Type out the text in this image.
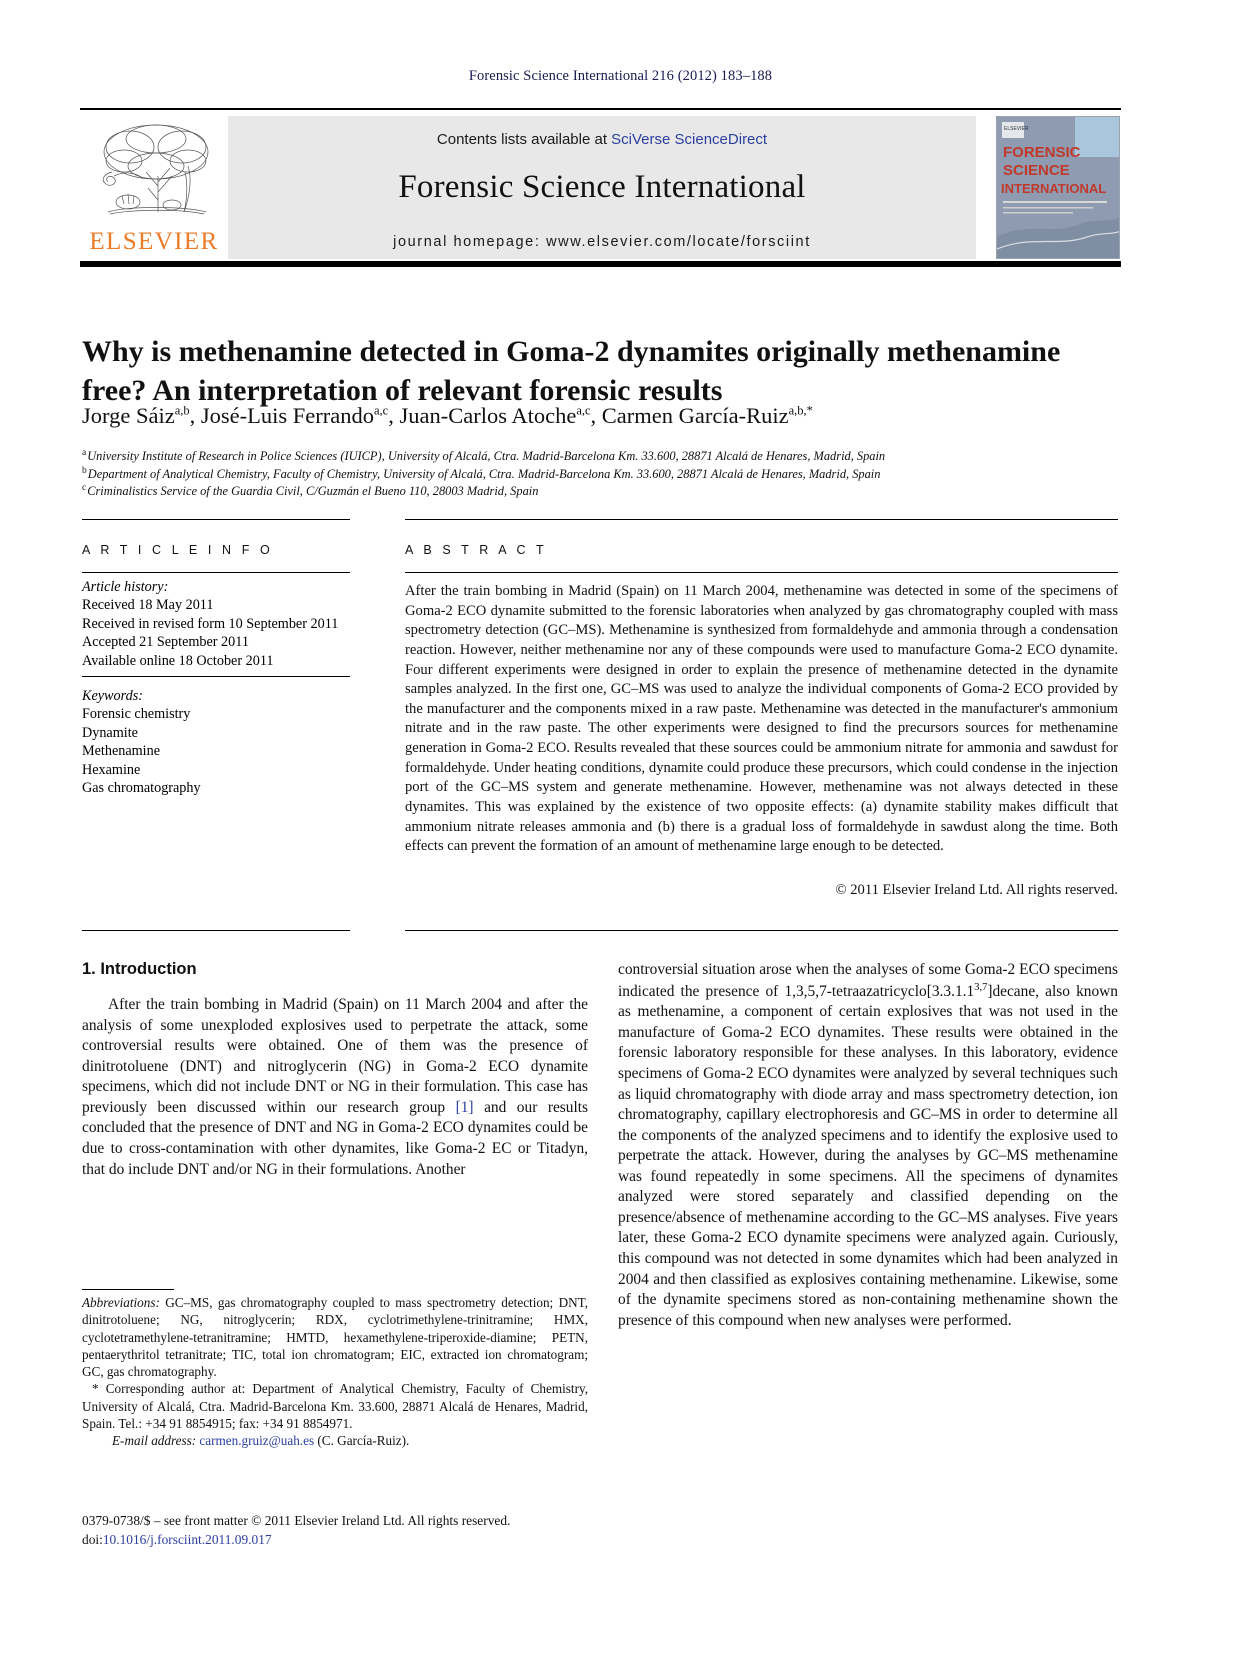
Forensic Science International 216 (2012) 183–188
ELSEVIER
Contents lists available at SciVerse ScienceDirect
Forensic Science International
journal homepage: www.elsevier.com/locate/forsciint
ELSEVIER
FORENSIC
SCIENCE
INTERNATIONAL
Why is methenamine detected in Goma-2 dynamites originally methenamine free? An interpretation of relevant forensic results
Jorge Sáiz$^{a,b}$, José-Luis Ferrando$^{a,c}$, Juan-Carlos Atoche$^{a,c}$, Carmen García-Ruiz$^{a,b,*}$
$^a$University Institute of Research in Police Sciences (IUICP), University of Alcalá, Ctra. Madrid-Barcelona Km. 33.600, 28871 Alcalá de Henares, Madrid, Spain
$^b$Department of Analytical Chemistry, Faculty of Chemistry, University of Alcalá, Ctra. Madrid-Barcelona Km. 33.600, 28871 Alcalá de Henares, Madrid, Spain
$^c$Criminalistics Service of the Guardia Civil, C/Guzmán el Bueno 110, 28003 Madrid, Spain
A R T I C L E I N F O
Article history:
Received 18 May 2011
Received in revised form 10 September 2011
Accepted 21 September 2011
Available online 18 October 2011
Keywords:
Forensic chemistry
Dynamite
Methenamine
Hexamine
Gas chromatography
A B S T R A C T
After the train bombing in Madrid (Spain) on 11 March 2004, methenamine was detected in some of the specimens of Goma-2 ECO dynamite submitted to the forensic laboratories when analyzed by gas chromatography coupled with mass spectrometry detection (GC–MS). Methenamine is synthesized from formaldehyde and ammonia through a condensation reaction. However, neither methenamine nor any of these compounds were used to manufacture Goma-2 ECO dynamite. Four different experiments were designed in order to explain the presence of methenamine detected in the dynamite samples analyzed. In the first one, GC–MS was used to analyze the individual components of Goma-2 ECO provided by the manufacturer and the components mixed in a raw paste. Methenamine was detected in the manufacturer's ammonium nitrate and in the raw paste. The other experiments were designed to find the precursors sources for methenamine generation in Goma-2 ECO. Results revealed that these sources could be ammonium nitrate for ammonia and sawdust for formaldehyde. Under heating conditions, dynamite could produce these precursors, which could condense in the injection port of the GC–MS system and generate methenamine. However, methenamine was not always detected in these dynamites. This was explained by the existence of two opposite effects: (a) dynamite stability makes difficult that ammonium nitrate releases ammonia and (b) there is a gradual loss of formaldehyde in sawdust along the time. Both effects can prevent the formation of an amount of methenamine large enough to be detected.
© 2011 Elsevier Ireland Ltd. All rights reserved.
1. Introduction

After the train bombing in Madrid (Spain) on 11 March 2004 and after the analysis of some unexploded explosives used to perpetrate the attack, some controversial results were obtained. One of them was the presence of dinitrotoluene (DNT) and nitroglycerin (NG) in Goma-2 ECO dynamite specimens, which did not include DNT or NG in their formulation. This case has previously been discussed within our research group [1] and our results concluded that the presence of DNT and NG in Goma-2 ECO dynamites could be due to cross-contamination with other dynamites, like Goma-2 EC or Titadyn, that do include DNT and/or NG in their formulations. Another

controversial situation arose when the analyses of some Goma-2 ECO specimens indicated the presence of 1,3,5,7-tetraazatricyclo[3.3.1.1$^{3,7}$]decane, also known as methenamine, a component of certain explosives that was not used in the manufacture of Goma-2 ECO dynamites. These results were obtained in the forensic laboratory responsible for these analyses. In this laboratory, evidence specimens of Goma-2 ECO dynamites were analyzed by several techniques such as liquid chromatography with diode array and mass spectrometry detection, ion chromatography, capillary electrophoresis and GC–MS in order to determine all the components of the analyzed specimens and to identify the explosive used to perpetrate the attack. However, during the analyses by GC–MS methenamine was found repeatedly in some specimens. All the specimens of dynamites analyzed were stored separately and classified depending on the presence/absence of methenamine according to the GC–MS analyses. Five years later, these Goma-2 ECO dynamite specimens were analyzed again. Curiously, this compound was not detected in some dynamites which had been analyzed in 2004 and then classified as explosives containing methenamine. Likewise, some of the dynamite specimens stored as non-containing methenamine shown the presence of this compound when new analyses were performed.

Abbreviations: GC–MS, gas chromatography coupled to mass spectrometry detection; DNT, dinitrotoluene; NG, nitroglycerin; RDX, cyclotrimethylene-trinitramine; HMX, cyclotetramethylene-tetranitramine; HMTD, hexamethylene-triperoxide-diamine; PETN, pentaerythritol tetranitrate; TIC, total ion chromatogram; EIC, extracted ion chromatogram; GC, gas chromatography.

* Corresponding author at: Department of Analytical Chemistry, Faculty of Chemistry, University of Alcalá, Ctra. Madrid-Barcelona Km. 33.600, 28871 Alcalá de Henares, Madrid, Spain. Tel.: +34 91 8854915; fax: +34 91 8854971.

E-mail address: carmen.gruiz@uah.es (C. García-Ruiz).

0379-0738/$ – see front matter © 2011 Elsevier Ireland Ltd. All rights reserved.
doi:10.1016/j.forsciint.2011.09.017
